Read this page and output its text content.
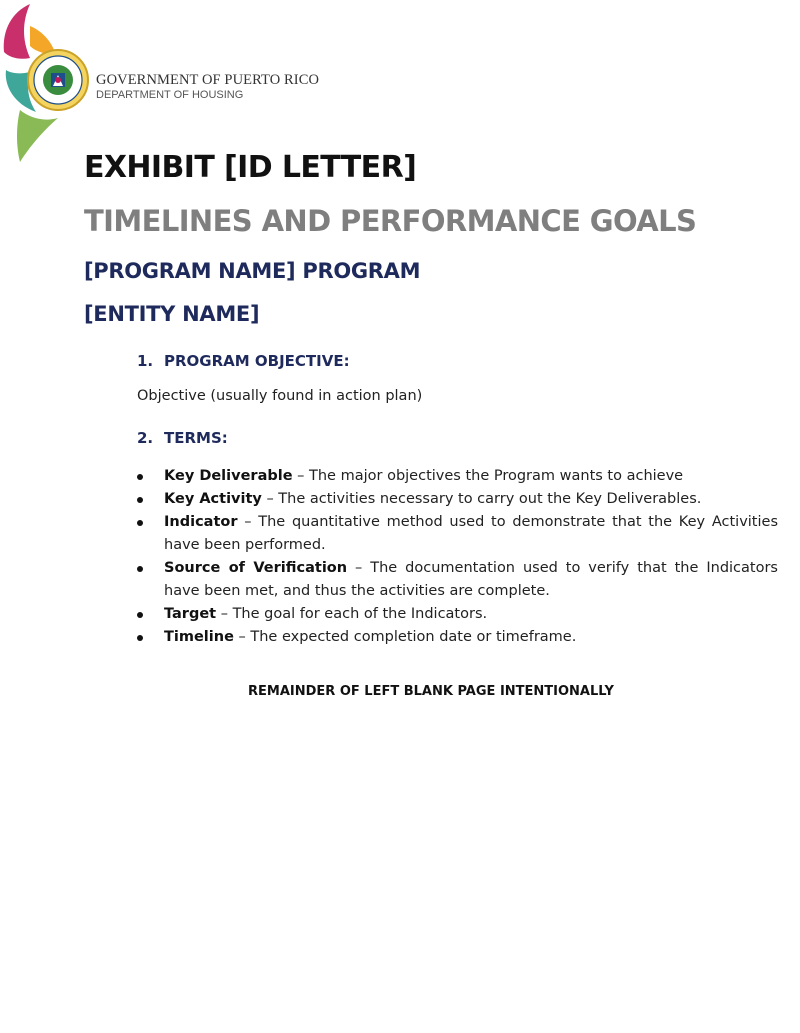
GOVERNMENT OF PUERTO RICO
DEPARTMENT OF HOUSING
EXHIBIT [ID LETTER]
TIMELINES AND PERFORMANCE GOALS
[PROGRAM NAME] PROGRAM
[ENTITY NAME]
1. PROGRAM OBJECTIVE:

Objective (usually found in action plan)

2. TERMS:
Key Deliverable – The major objectives the Program wants to achieve
Key Activity – The activities necessary to carry out the Key Deliverables.
Indicator – The quantitative method used to demonstrate that the Key Activities have been performed.
Source of Verification – The documentation used to verify that the Indicators have been met, and thus the activities are complete.
Target – The goal for each of the Indicators.
Timeline – The expected completion date or timeframe.

REMAINDER OF LEFT BLANK PAGE INTENTIONALLY
